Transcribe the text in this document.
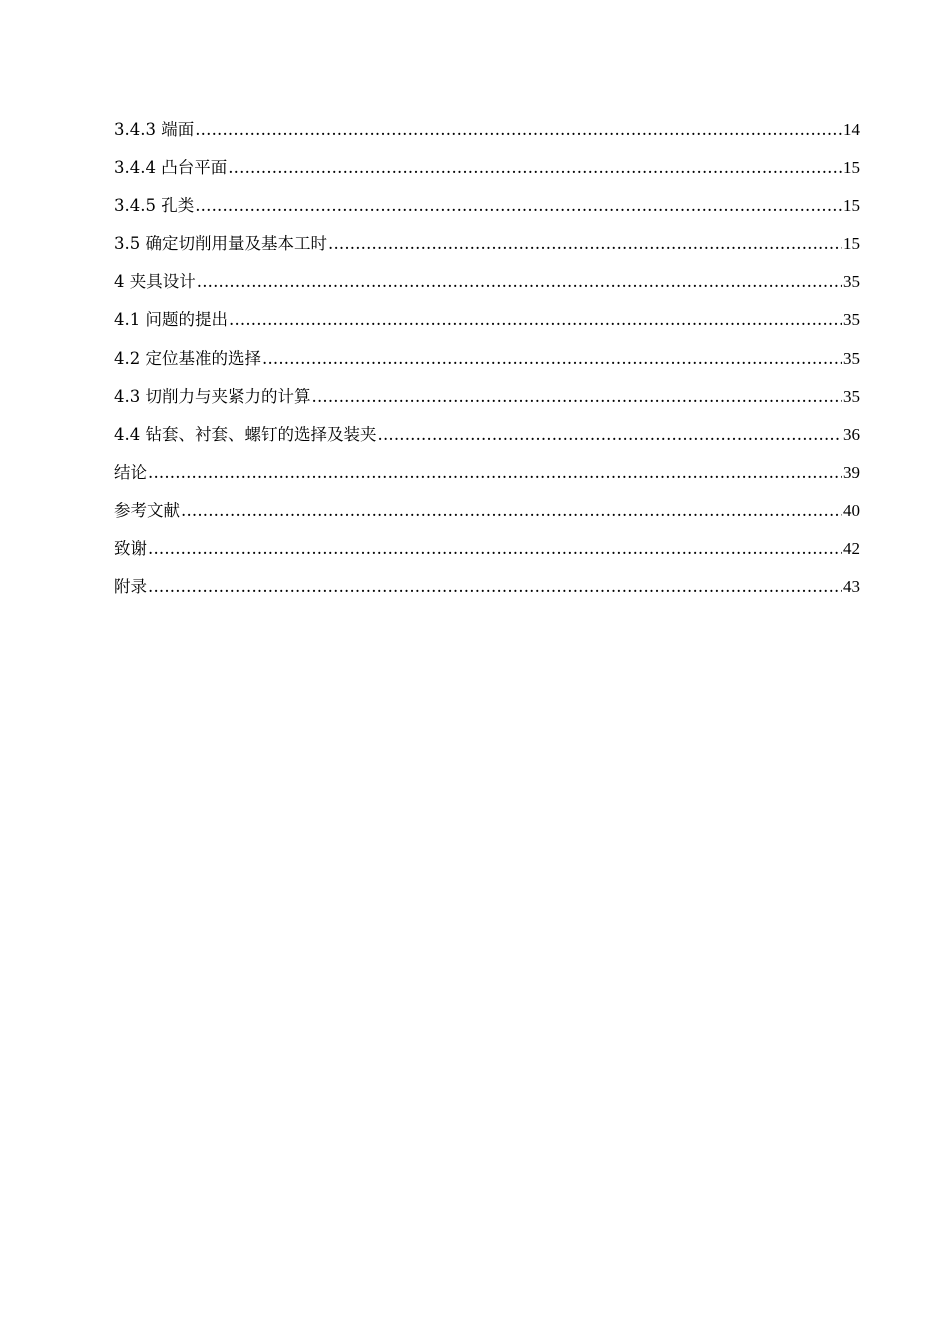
3.4.3 端面 .....	14
3.4.4 凸台平面 .....	15
3.4.5 孔类 .....	15
3.5 确定切削用量及基本工时 .....	15
4 夹具设计 .....	35
4.1 问题的提出 .....	35
4.2 定位基准的选择 .....	35
4.3 切削力与夹紧力的计算 .....	35
4.4 钻套、衬套、螺钉的选择及装夹 .....	36
结论 .....	39
参考文献 .....	40
致谢 .....	42
附录 .....	43
